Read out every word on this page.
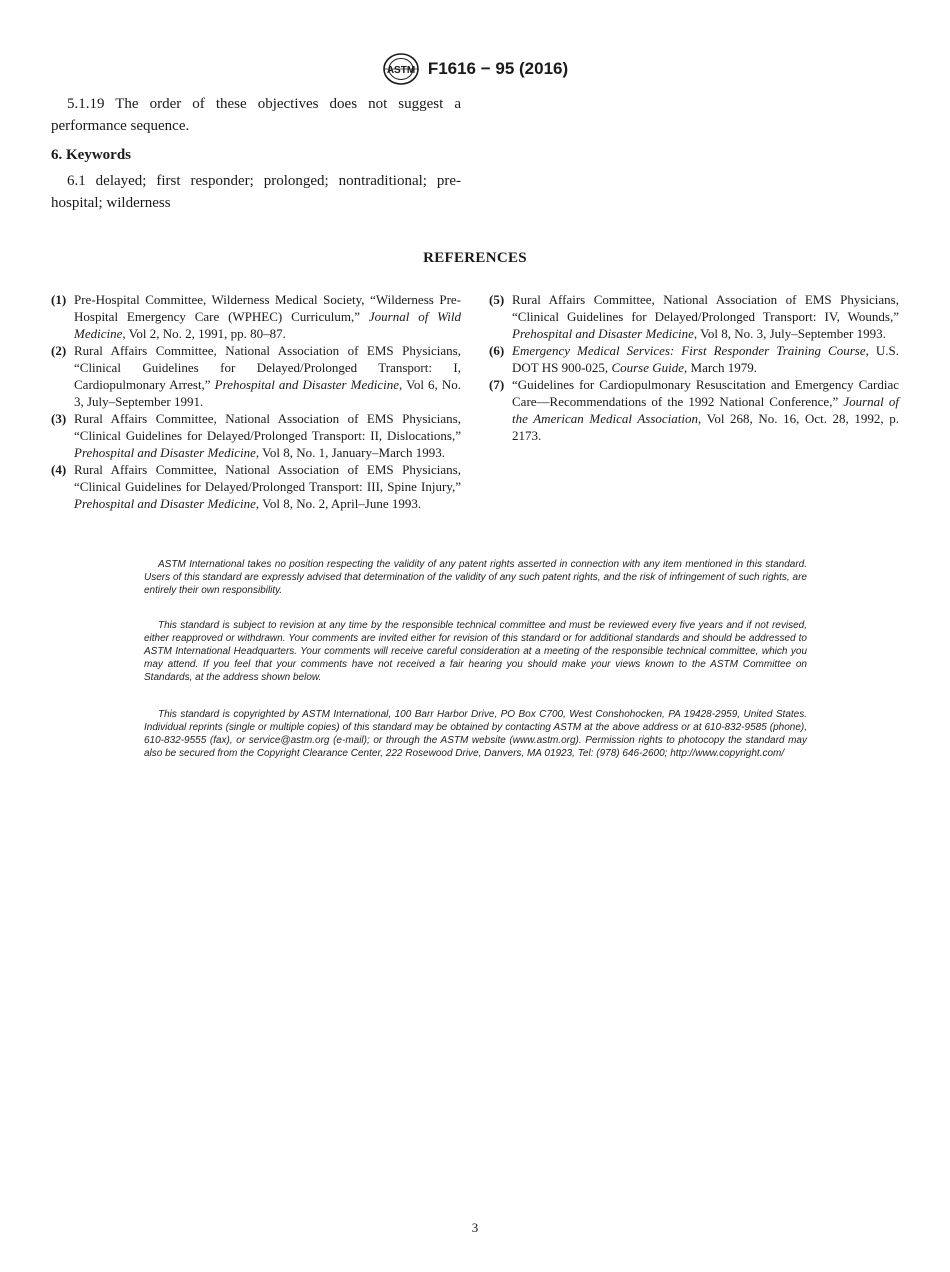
ASTM F1616 − 95 (2016)

5.1.19 The order of these objectives does not suggest a performance sequence.

6. Keywords

6.1 delayed; first responder; prolonged; nontraditional; pre-hospital; wilderness

REFERENCES
(1) Pre-Hospital Committee, Wilderness Medical Society, “Wilderness Pre-Hospital Emergency Care (WPHEC) Curriculum,” Journal of Wild Medicine, Vol 2, No. 2, 1991, pp. 80–87.
(2) Rural Affairs Committee, National Association of EMS Physicians, “Clinical Guidelines for Delayed/Prolonged Transport: I, Cardiopulmonary Arrest,” Prehospital and Disaster Medicine, Vol 6, No. 3, July–September 1991.
(3) Rural Affairs Committee, National Association of EMS Physicians, “Clinical Guidelines for Delayed/Prolonged Transport: II, Dislocations,” Prehospital and Disaster Medicine, Vol 8, No. 1, January–March 1993.
(4) Rural Affairs Committee, National Association of EMS Physicians, “Clinical Guidelines for Delayed/Prolonged Transport: III, Spine Injury,” Prehospital and Disaster Medicine, Vol 8, No. 2, April–June 1993.
(5) Rural Affairs Committee, National Association of EMS Physicians, “Clinical Guidelines for Delayed/Prolonged Transport: IV, Wounds,” Prehospital and Disaster Medicine, Vol 8, No. 3, July–September 1993.
(6) Emergency Medical Services: First Responder Training Course, U.S. DOT HS 900-025, Course Guide, March 1979.
(7) “Guidelines for Cardiopulmonary Resuscitation and Emergency Cardiac Care—Recommendations of the 1992 National Conference,” Journal of the American Medical Association, Vol 268, No. 16, Oct. 28, 1992, p. 2173.

ASTM International takes no position respecting the validity of any patent rights asserted in connection with any item mentioned in this standard. Users of this standard are expressly advised that determination of the validity of any such patent rights, and the risk of infringement of such rights, are entirely their own responsibility.

This standard is subject to revision at any time by the responsible technical committee and must be reviewed every five years and if not revised, either reapproved or withdrawn. Your comments are invited either for revision of this standard or for additional standards and should be addressed to ASTM International Headquarters. Your comments will receive careful consideration at a meeting of the responsible technical committee, which you may attend. If you feel that your comments have not received a fair hearing you should make your views known to the ASTM Committee on Standards, at the address shown below.

This standard is copyrighted by ASTM International, 100 Barr Harbor Drive, PO Box C700, West Conshohocken, PA 19428-2959, United States. Individual reprints (single or multiple copies) of this standard may be obtained by contacting ASTM at the above address or at 610-832-9585 (phone), 610-832-9555 (fax), or service@astm.org (e-mail); or through the ASTM website (www.astm.org). Permission rights to photocopy the standard may also be secured from the Copyright Clearance Center, 222 Rosewood Drive, Danvers, MA 01923, Tel: (978) 646-2600; http://www.copyright.com/

3
